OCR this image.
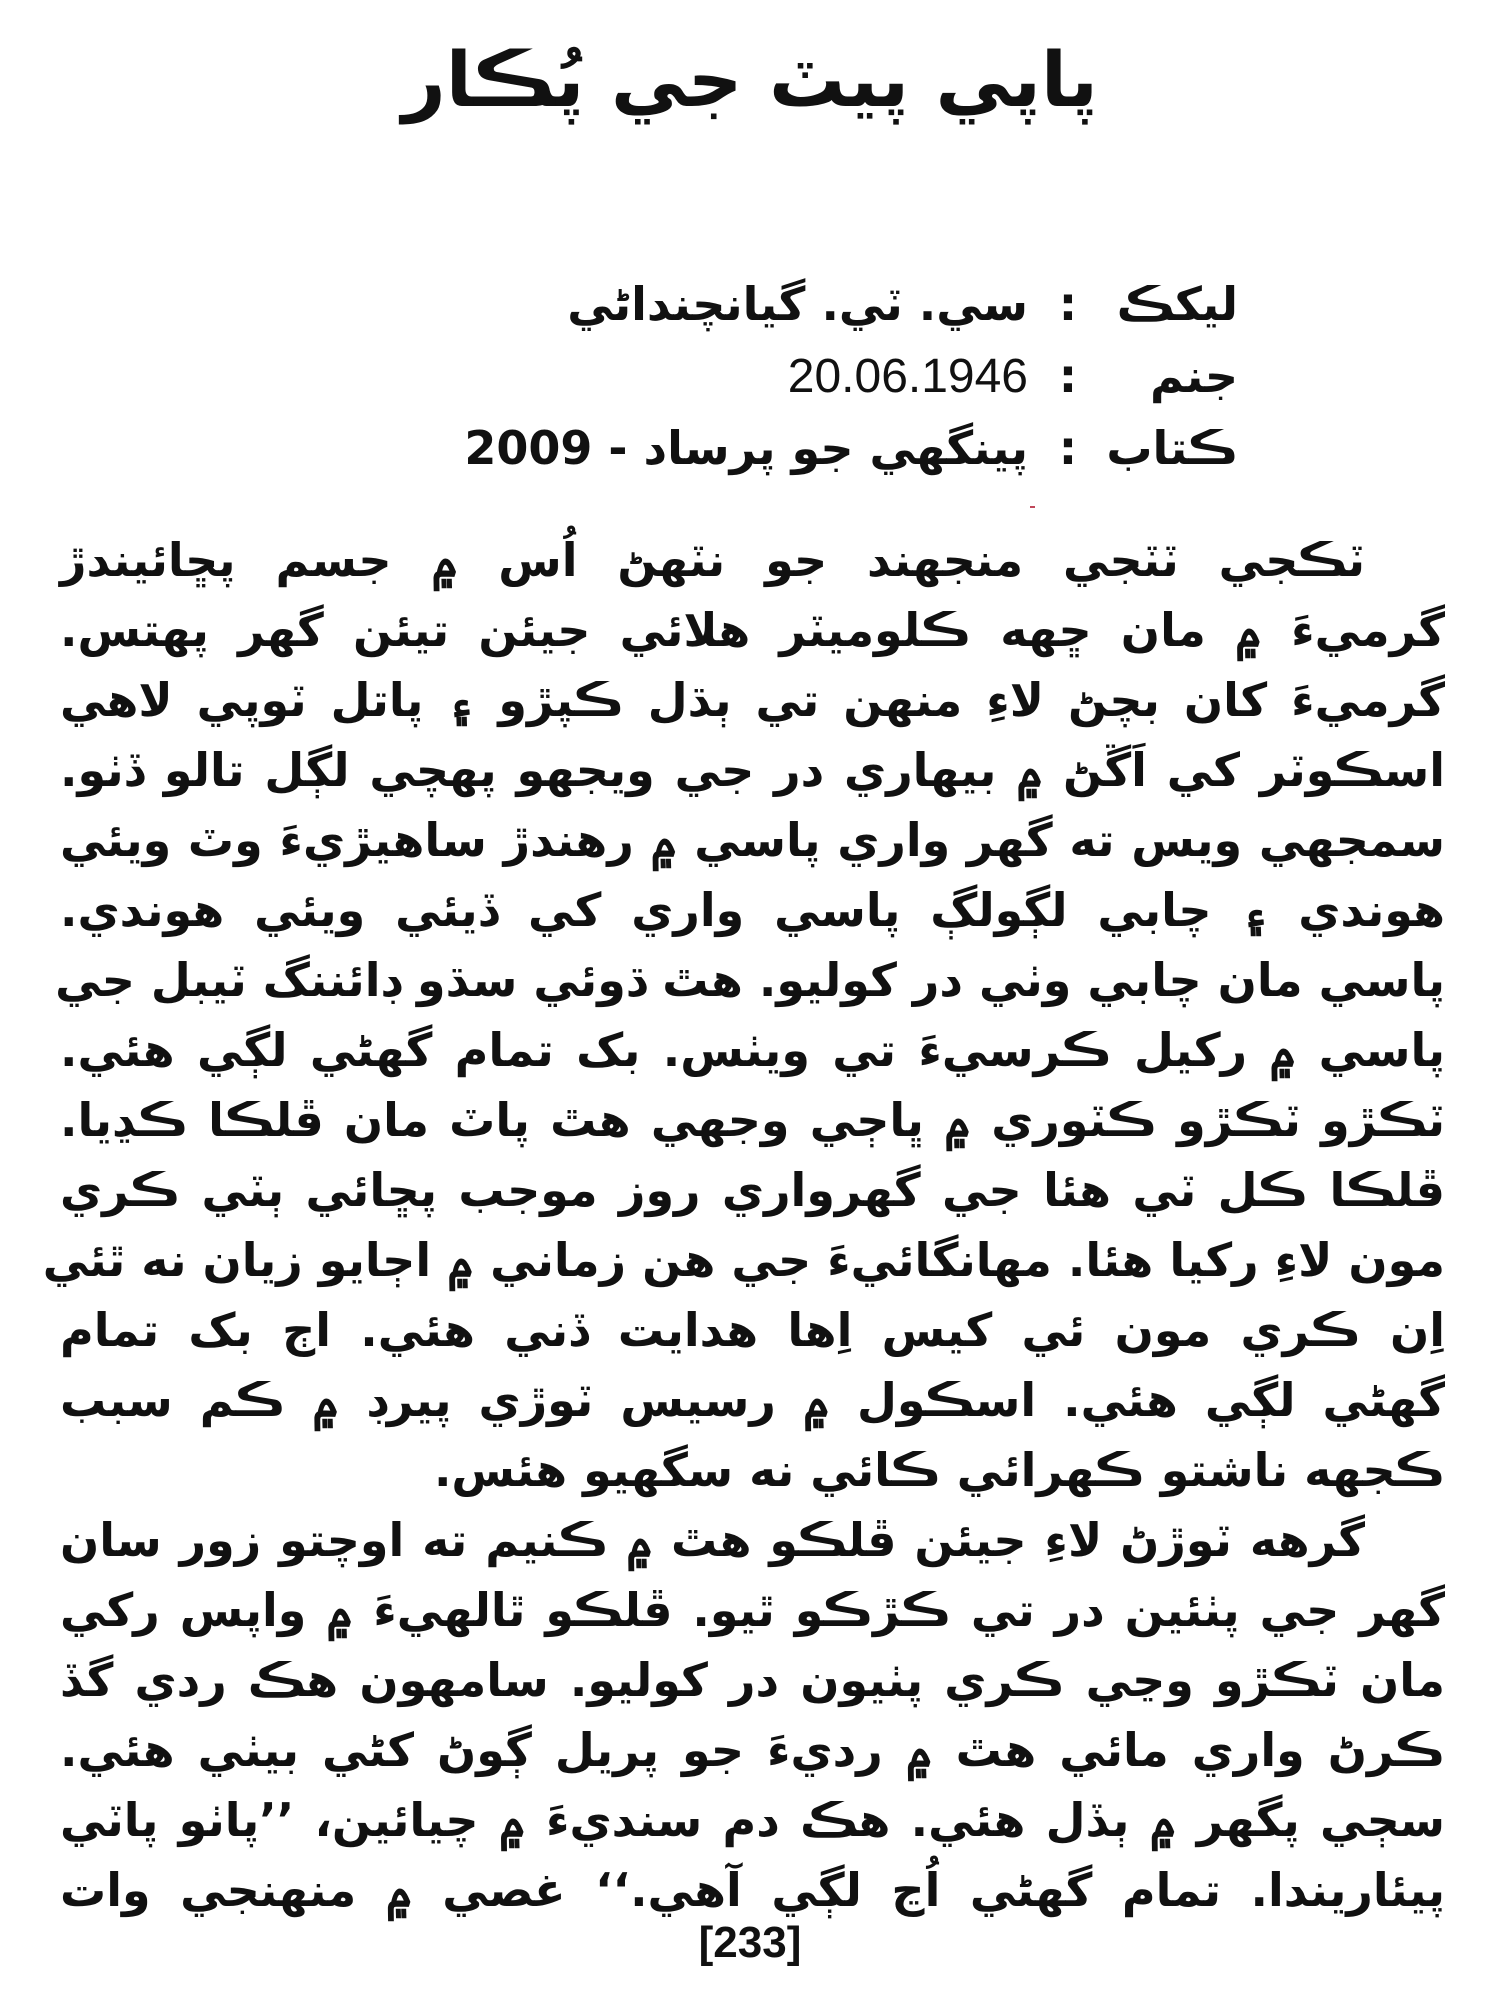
پاپي پيٽ جي پُڪار
ليکڪ
:
سي. ٽي. گيانچنداڻي
جنم
:
20.06.1946
ڪتاب
:
پينگهي جو پرساد - 2009
ٽڪجي ٽٽجي منجهند جو نٽهڻ اُس ۾ جسم پڇائيندڙ
گرميءَ ۾ مان ڇهه ڪلوميٽر هلائي جيئن تيئن گهر پهتس.
گرميءَ کان بچڻ لاءِ منهن تي ٻڌل ڪپڙو ۽ پاتل ٽوپي لاهي
اسڪوٽر کي اَڱڻ ۾ بيهاري در جي ويجهو پهچي لڳل تالو ڏٺو.
سمجهي ويس ته گهر واري پاسي ۾ رهندڙ ساهيڙيءَ وٽ ويئي
هوندي ۽ چابي لڳولڳ پاسي واري کي ڏيئي ويئي هوندي.
پاسي مان چابي وٺي در کوليو. هٿ ڌوئي سڌو ڊائننگ ٽيبل جي
پاسي ۾ رکيل ڪرسيءَ تي ويٺس. بک تمام گهڻي لڳي هئي.
ٽڪڙو ٽڪڙو ڪٽوري ۾ ڀاڄي وجهي هٿ پاٽ مان ڦلڪا ڪڍيا.
ڦلڪا ڪل ٽي هئا جي گهرواري روز موجب پڇائي ٻٽي ڪري
مون لاءِ رکيا هئا. مهانگائيءَ جي هن زماني ۾ اڄايو زيان نه ٿئي
اِن ڪري مون ئي کيس اِها هدايت ڏني هئي. اڄ بک تمام
گهڻي لڳي هئي. اسڪول ۾ رسيس ٽوڙي پيرڊ ۾ ڪم سبب
ڪجهه ناشتو ڪهرائي ڪائي نه سگهيو هئس.
گرهه ٽوڙڻ لاءِ جيئن ڦلڪو هٿ ۾ ڪنيم ته اوچتو زور سان
گهر جي پٺئين در تي ڪڙڪو ٿيو. ڦلڪو ٿالهيءَ ۾ واپس رکي
مان ٽڪڙو وڃي ڪري پٺيون در کوليو. سامهون هڪ ردي گڏ
ڪرڻ واري مائي هٿ ۾ رديءَ جو پريل ڳوڻ کڻي بيٺي هئي.
سڄي پگهر ۾ ٻڏل هئي. هڪ دم سنديءَ ۾ چيائين، ’’پاٺو پاٽي
پيئاريندا. تمام گهڻي اُڃ لڳي آهي.‘‘ غصي ۾ منهنجي وات
[233]
